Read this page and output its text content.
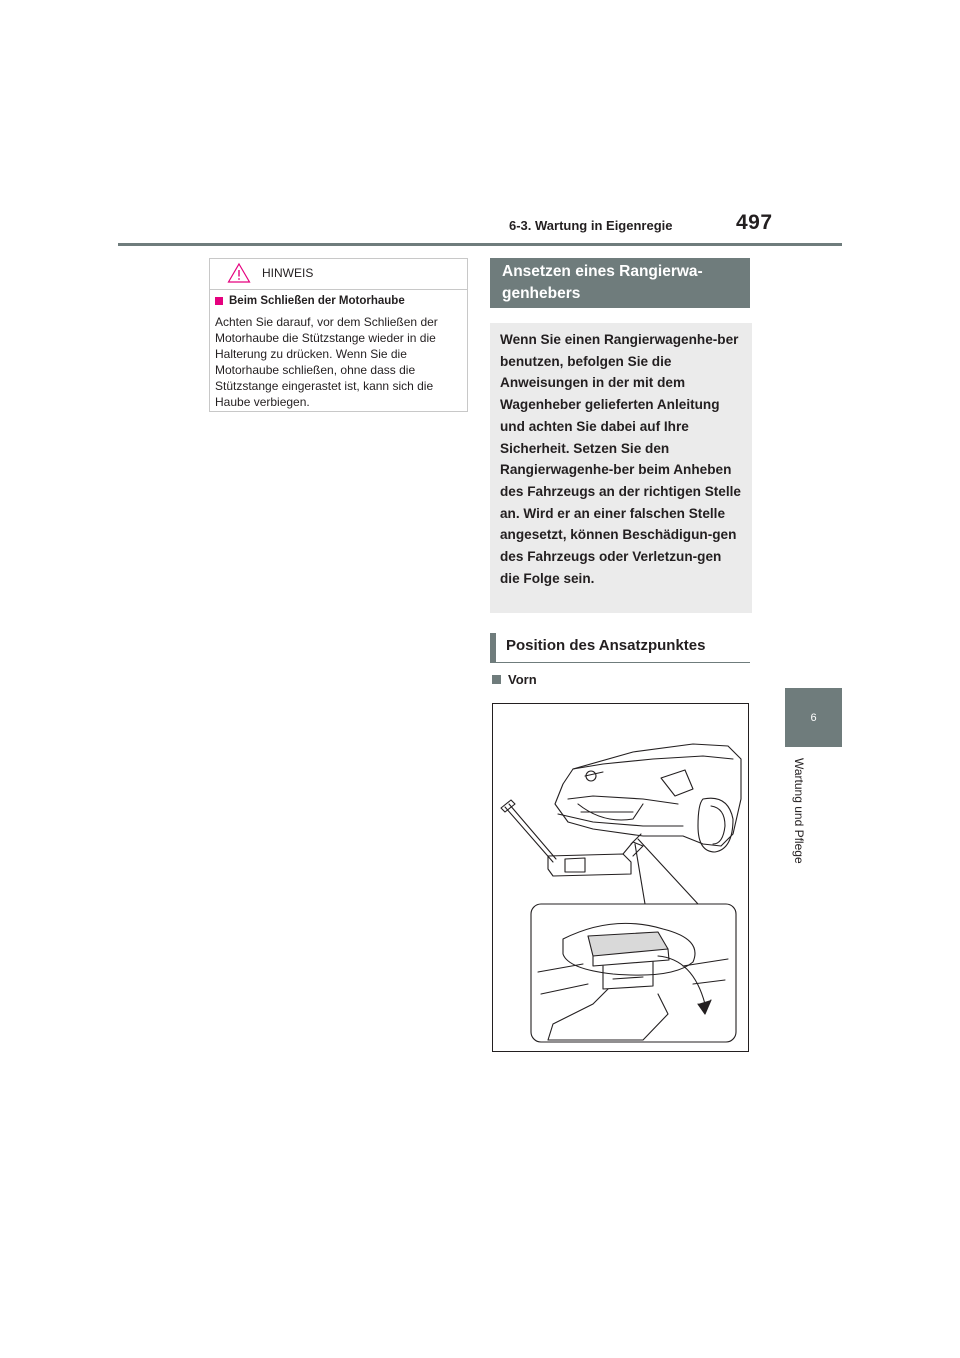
6-3. Wartung in Eigenregie	497
6
Wartung und Pflege
HINWEIS
Beim Schließen der Motorhaube
Achten Sie darauf, vor dem Schließen der Motorhaube die Stützstange wieder in die Halterung zu drücken. Wenn Sie die Motorhaube schließen, ohne dass die Stützstange eingerastet ist, kann sich die Haube verbiegen.
Ansetzen eines Rangierwa-genhebers
Wenn Sie einen Rangierwagenhe-ber benutzen, befolgen Sie die Anweisungen in der mit dem Wagenheber gelieferten Anleitung und achten Sie dabei auf Ihre Sicherheit. Setzen Sie den Rangierwagenhe-ber beim Anheben des Fahrzeugs an der richtigen Stelle an. Wird er an einer falschen Stelle angesetzt, können Beschädigun-gen des Fahrzeugs oder Verletzun-gen die Folge sein.
Position des Ansatzpunktes
Vorn
